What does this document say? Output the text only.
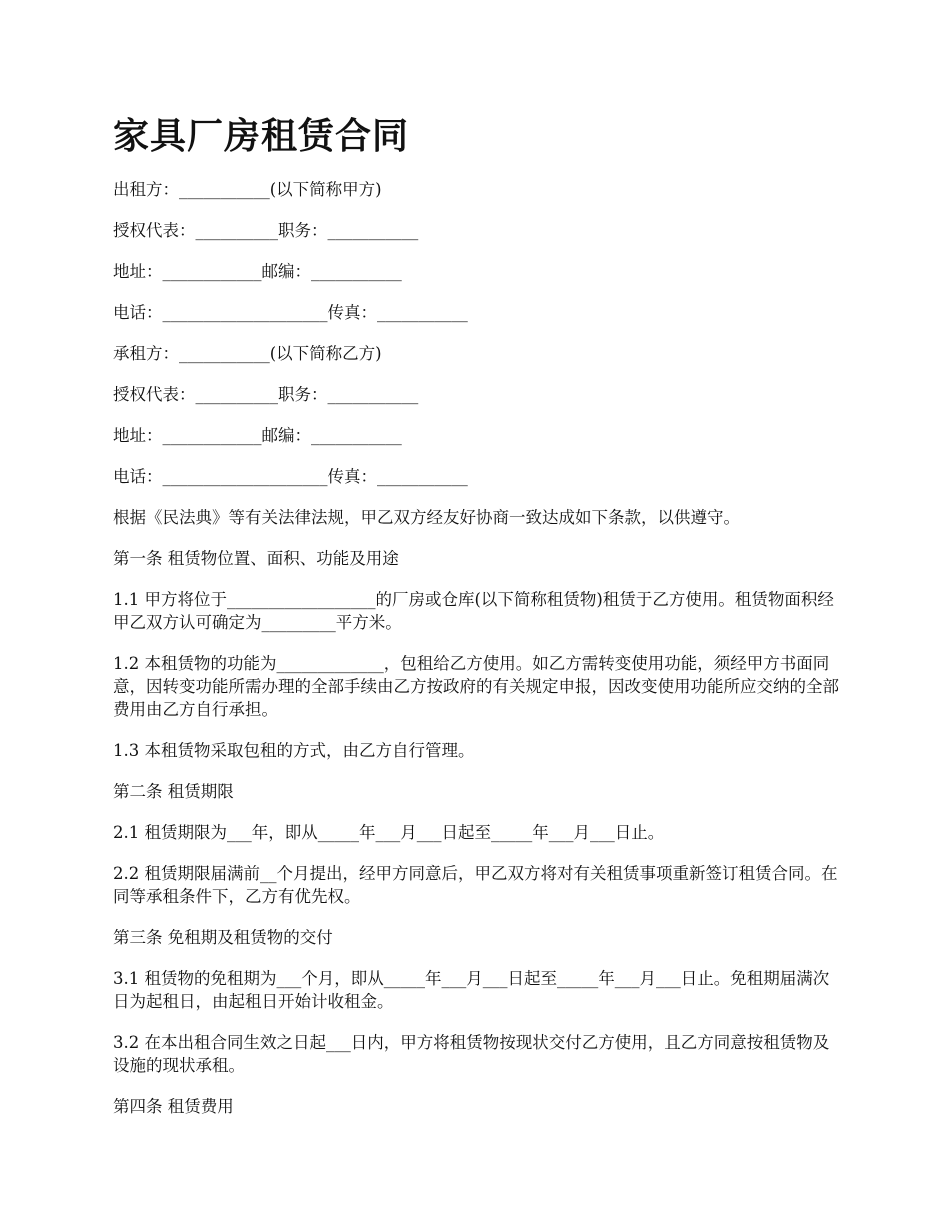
家具厂房租赁合同

出租方：___________(以下简称甲方)

授权代表：__________职务：___________

地址：____________邮编：___________

电话：____________________传真：___________

承租方：___________(以下简称乙方)

授权代表：__________职务：___________

地址：____________邮编：___________

电话：____________________传真：___________

根据《民法典》等有关法律法规，甲乙双方经友好协商一致达成如下条款，以供遵守。

第一条 租赁物位置、面积、功能及用途

1.1 甲方将位于__________________的厂房或仓库(以下简称租赁物)租赁于乙方使用。租赁物面积经甲乙双方认可确定为_________平方米。

1.2 本租赁物的功能为_____________，包租给乙方使用。如乙方需转变使用功能，须经甲方书面同意，因转变功能所需办理的全部手续由乙方按政府的有关规定申报，因改变使用功能所应交纳的全部费用由乙方自行承担。

1.3 本租赁物采取包租的方式，由乙方自行管理。

第二条 租赁期限

2.1 租赁期限为___年，即从_____年___月___日起至_____年___月___日止。

2.2 租赁期限届满前__个月提出，经甲方同意后，甲乙双方将对有关租赁事项重新签订租赁合同。在同等承租条件下，乙方有优先权。

第三条 免租期及租赁物的交付

3.1 租赁物的免租期为___个月，即从_____年___月___日起至_____年___月___日止。免租期届满次日为起租日，由起租日开始计收租金。

3.2 在本出租合同生效之日起___日内，甲方将租赁物按现状交付乙方使用，且乙方同意按租赁物及设施的现状承租。

第四条 租赁费用
